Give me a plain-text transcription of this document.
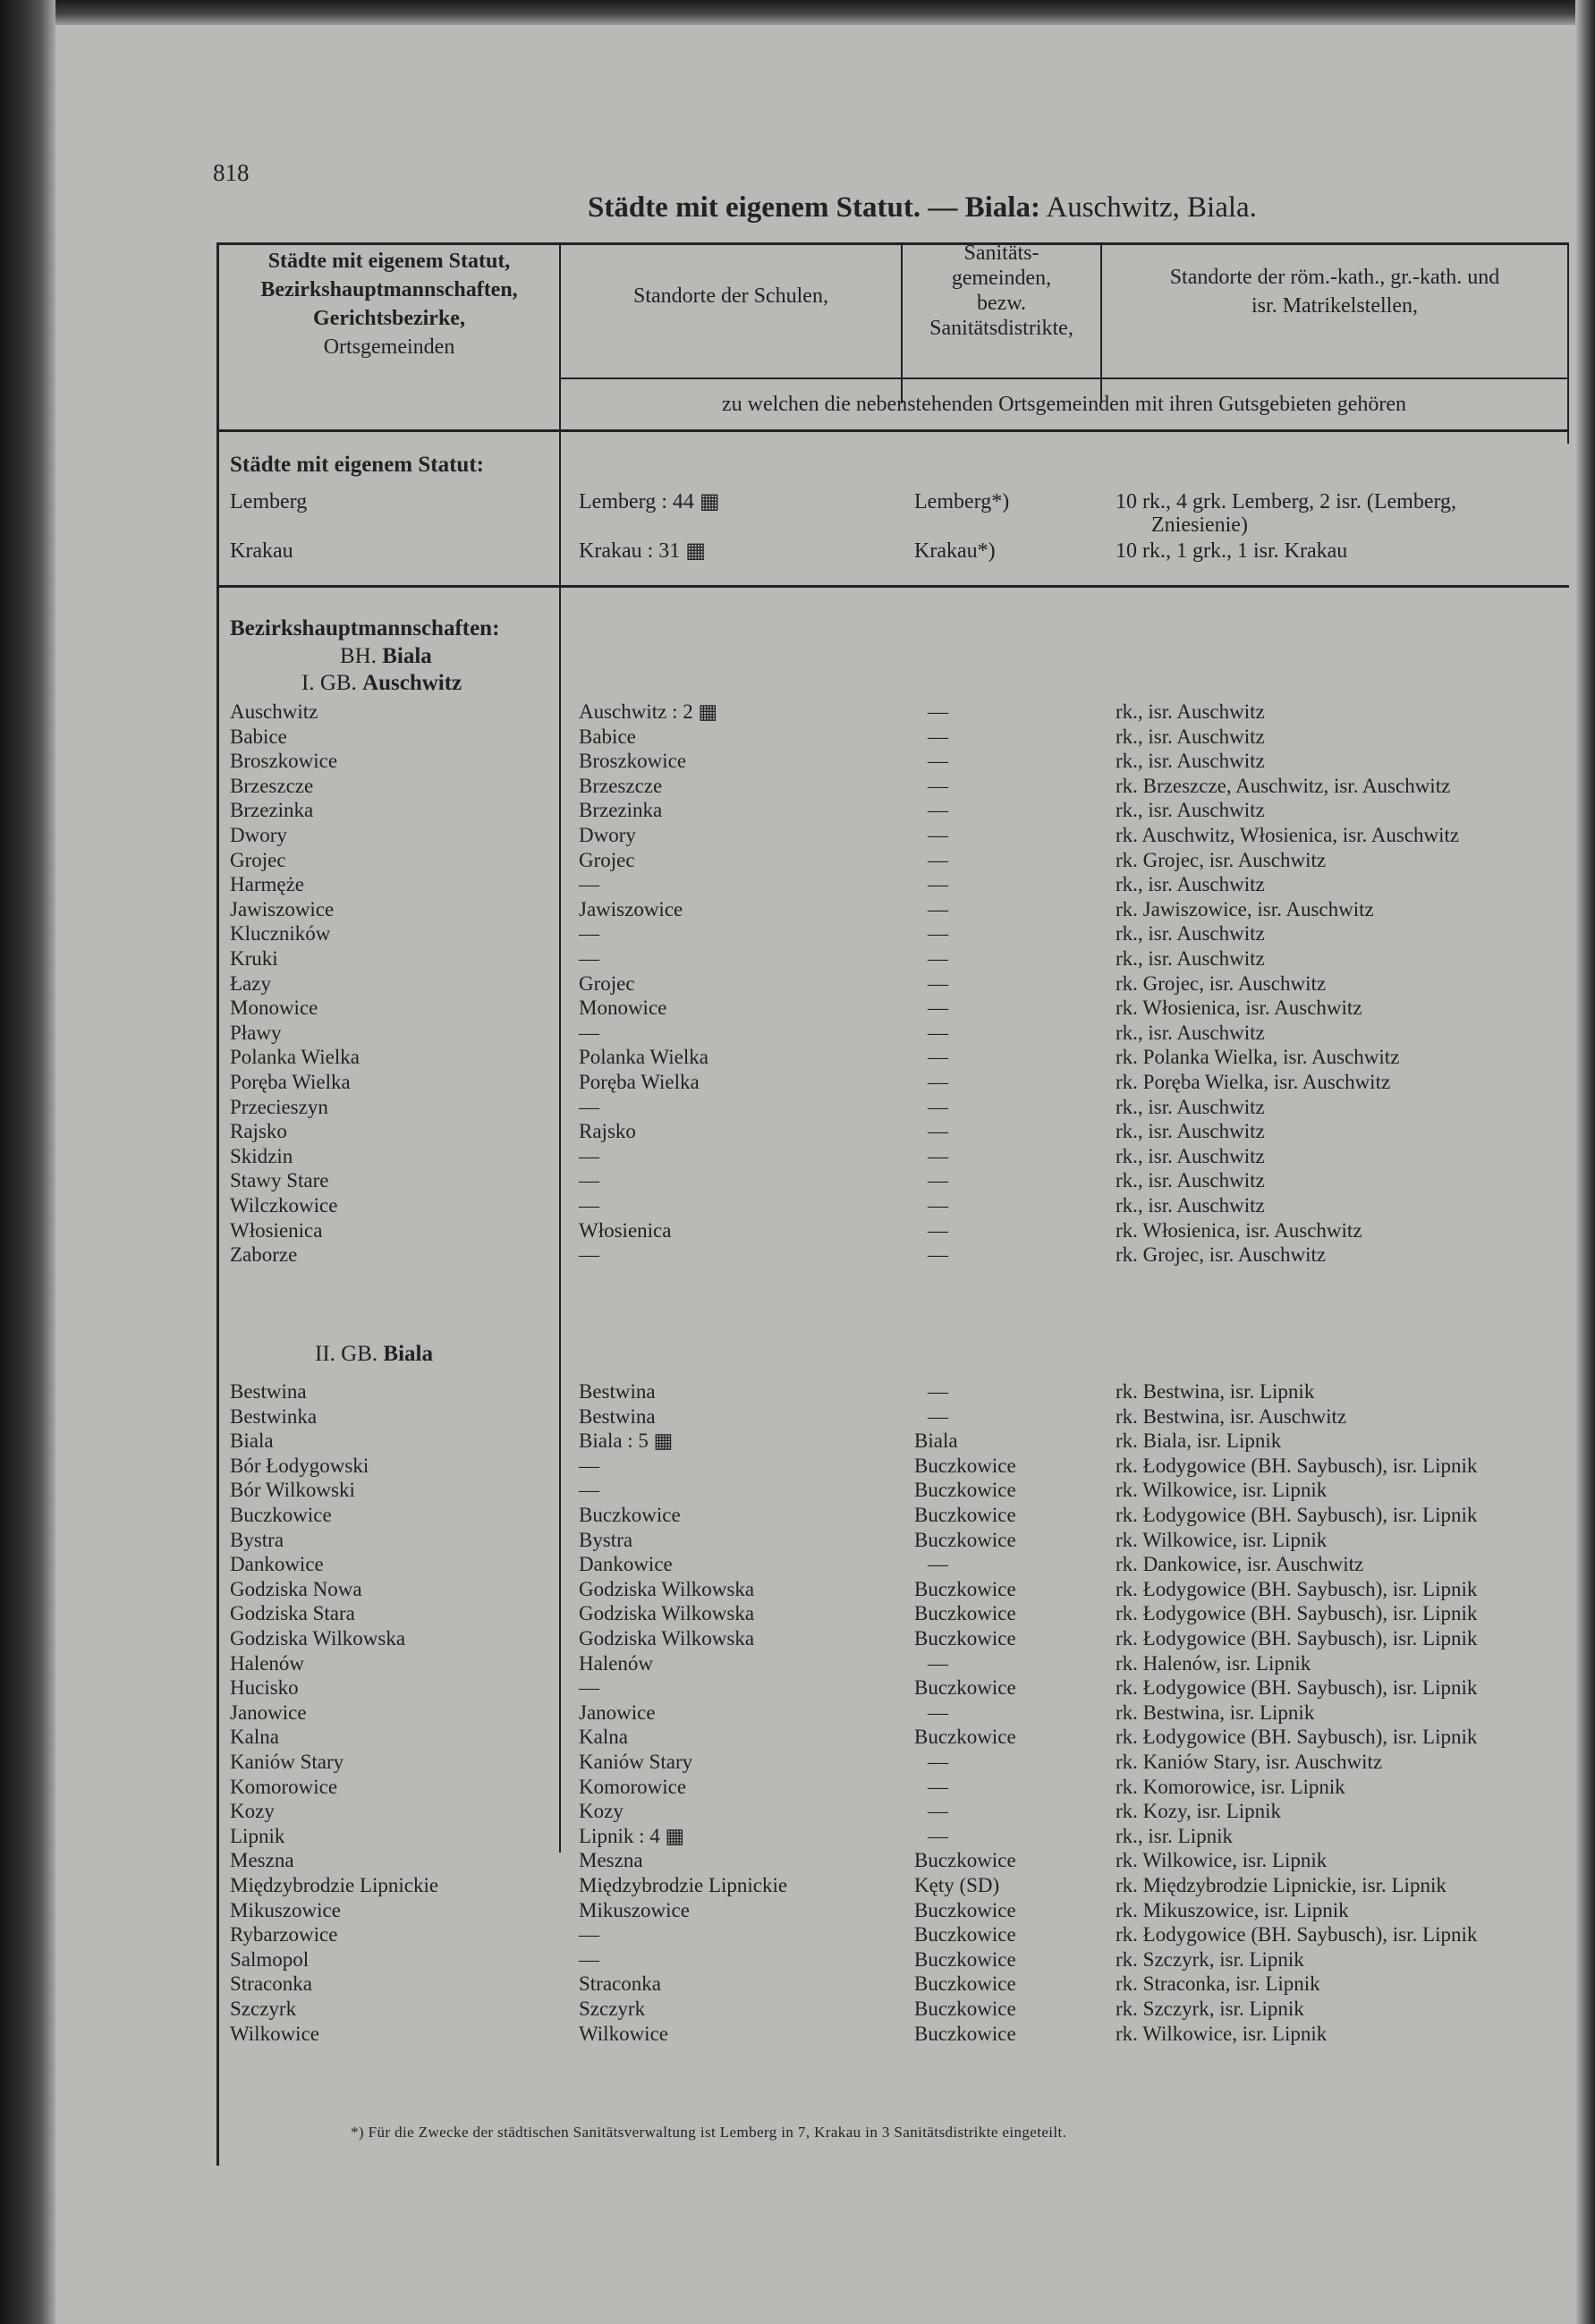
818
Städte mit eigenem Statut. — Biala: Auschwitz, Biala.
Städte mit eigenem Statut,
Bezirkshauptmannschaften,
Gerichtsbezirke,
Ortsgemeinden
Standorte der Schulen,
Sanitäts-
gemeinden,
bezw.
Sanitätsdistrikte,
Standorte der röm.-kath., gr.-kath. und
isr. Matrikelstellen,
zu welchen die nebenstehenden Ortsgemeinden mit ihren Gutsgebieten gehören
Städte mit eigenem Statut:
Lemberg	Lemberg : 44 ▦	Lemberg*)	10 rk., 4 grk. Lemberg, 2 isr. (Lemberg,
Zniesienie)
Krakau	Krakau : 31 ▦	Krakau*)	10 rk., 1 grk., 1 isr. Krakau
Bezirkshauptmannschaften:
BH. Biala
I. GB. Auschwitz
Auschwitz	Auschwitz : 2 ▦	—	rk., isr. Auschwitz
Babice	Babice	—	rk., isr. Auschwitz
Broszkowice	Broszkowice	—	rk., isr. Auschwitz
Brzeszcze	Brzeszcze	—	rk. Brzeszcze, Auschwitz, isr. Auschwitz
Brzezinka	Brzezinka	—	rk., isr. Auschwitz
Dwory	Dwory	—	rk. Auschwitz, Włosienica, isr. Auschwitz
Grojec	Grojec	—	rk. Grojec, isr. Auschwitz
Harmęże	—	—	rk., isr. Auschwitz
Jawiszowice	Jawiszowice	—	rk. Jawiszowice, isr. Auschwitz
Kluczników	—	—	rk., isr. Auschwitz
Kruki	—	—	rk., isr. Auschwitz
Łazy	Grojec	—	rk. Grojec, isr. Auschwitz
Monowice	Monowice	—	rk. Włosienica, isr. Auschwitz
Pławy	—	—	rk., isr. Auschwitz
Polanka Wielka	Polanka Wielka	—	rk. Polanka Wielka, isr. Auschwitz
Poręba Wielka	Poręba Wielka	—	rk. Poręba Wielka, isr. Auschwitz
Przecieszyn	—	—	rk., isr. Auschwitz
Rajsko	Rajsko	—	rk., isr. Auschwitz
Skidzin	—	—	rk., isr. Auschwitz
Stawy Stare	—	—	rk., isr. Auschwitz
Wilczkowice	—	—	rk., isr. Auschwitz
Włosienica	Włosienica	—	rk. Włosienica, isr. Auschwitz
Zaborze	—	—	rk. Grojec, isr. Auschwitz
II. GB. Biala
Bestwina	Bestwina	—	rk. Bestwina, isr. Lipnik
Bestwinka	Bestwina	—	rk. Bestwina, isr. Auschwitz
Biala	Biala : 5 ▦	Biala	rk. Biala, isr. Lipnik
Bór Łodygowski	—	Buczkowice	rk. Łodygowice (BH. Saybusch), isr. Lipnik
Bór Wilkowski	—	Buczkowice	rk. Wilkowice, isr. Lipnik
Buczkowice	Buczkowice	Buczkowice	rk. Łodygowice (BH. Saybusch), isr. Lipnik
Bystra	Bystra	Buczkowice	rk. Wilkowice, isr. Lipnik
Dankowice	Dankowice	—	rk. Dankowice, isr. Auschwitz
Godziska Nowa	Godziska Wilkowska	Buczkowice	rk. Łodygowice (BH. Saybusch), isr. Lipnik
Godziska Stara	Godziska Wilkowska	Buczkowice	rk. Łodygowice (BH. Saybusch), isr. Lipnik
Godziska Wilkowska	Godziska Wilkowska	Buczkowice	rk. Łodygowice (BH. Saybusch), isr. Lipnik
Halenów	Halenów	—	rk. Halenów, isr. Lipnik
Hucisko	—	Buczkowice	rk. Łodygowice (BH. Saybusch), isr. Lipnik
Janowice	Janowice	—	rk. Bestwina, isr. Lipnik
Kalna	Kalna	Buczkowice	rk. Łodygowice (BH. Saybusch), isr. Lipnik
Kaniów Stary	Kaniów Stary	—	rk. Kaniów Stary, isr. Auschwitz
Komorowice	Komorowice	—	rk. Komorowice, isr. Lipnik
Kozy	Kozy	—	rk. Kozy, isr. Lipnik
Lipnik	Lipnik : 4 ▦	—	rk., isr. Lipnik
Meszna	Meszna	Buczkowice	rk. Wilkowice, isr. Lipnik
Międzybrodzie Lipnickie	Międzybrodzie Lipnickie	Kęty (SD)	rk. Międzybrodzie Lipnickie, isr. Lipnik
Mikuszowice	Mikuszowice	Buczkowice	rk. Mikuszowice, isr. Lipnik
Rybarzowice	—	Buczkowice	rk. Łodygowice (BH. Saybusch), isr. Lipnik
Salmopol	—	Buczkowice	rk. Szczyrk, isr. Lipnik
Straconka	Straconka	Buczkowice	rk. Straconka, isr. Lipnik
Szczyrk	Szczyrk	Buczkowice	rk. Szczyrk, isr. Lipnik
Wilkowice	Wilkowice	Buczkowice	rk. Wilkowice, isr. Lipnik
*) Für die Zwecke der städtischen Sanitätsverwaltung ist Lemberg in 7, Krakau in 3 Sanitätsdistrikte eingeteilt.
